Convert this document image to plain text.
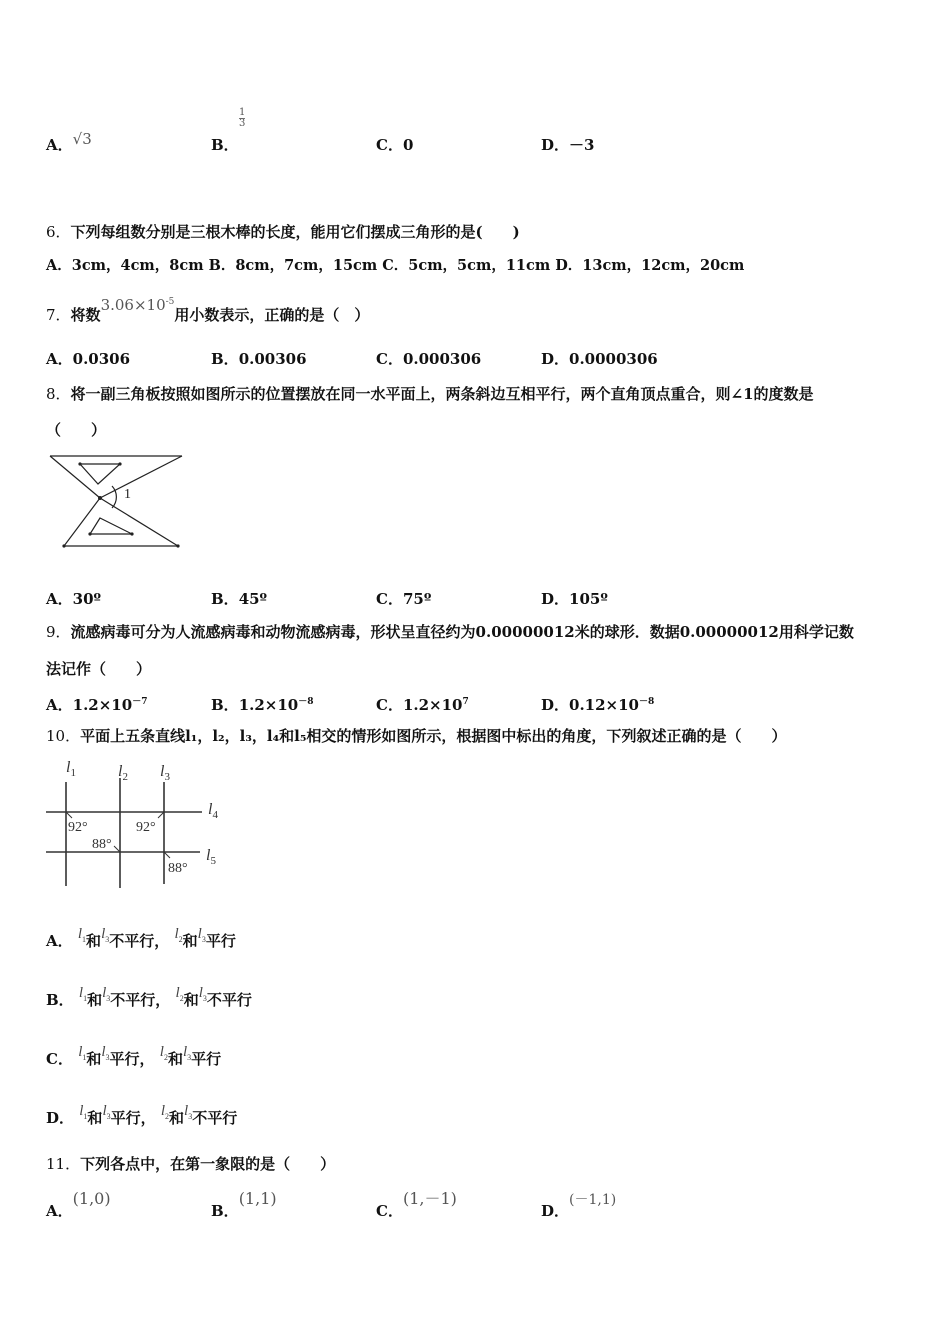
A．√3	B．
$\frac{1}{3}$
C．0	D．－3
6．下列每组数分别是三根木棒的长度，能用它们摆成三角形的是(　　)
A．3cm，4cm，8cm B．8cm，7cm，15cm C．5cm，5cm，11cm D．13cm，12cm，20cm
7．将数$3.06\times 10^{-5}$用小数表示，正确的是（　）
A．0.0306	B．0.00306	C．0.000306	D．0.0000306
8．将一副三角板按照如图所示的位置摆放在同一水平面上，两条斜边互相平行，两个直角顶点重合，则∠1的度数是
（　　）
1
A．30º	B．45º	C．75º	D．105º
9．流感病毒可分为人流感病毒和动物流感病毒，形状呈直径约为0.00000012米的球形．数据0.00000012用科学记数
法记作（　　）
A．$1.2\times 10^{-7}$	B．$1.2\times 10^{-8}$	C．$1.2\times 10^7$	D．$0.12\times 10^{-8}$
10．平面上五条直线l₁，l₂，l₃，l₄和l₅相交的情形如图所示，根据图中标出的角度，下列叙述正确的是（　　）
$l_1$	$l_2$ $l_3$
$l_4$
$l_5$
92°
88°
92°
88°
A． $l_1$和$l_3$不平行， $l_2$和$l_3$平行
B． $l_1$和$l_3$不平行， $l_2$和$l_3$不平行
C． $l_1$和$l_3$平行， $l_2$和$l_3$平行
D． $l_1$和$l_3$平行， $l_2$和$l_3$不平行
11．下列各点中，在第一象限的是（　　）
A．(1,0)
B．(1,1)
C．(1,－1)
D．(－1,1)
